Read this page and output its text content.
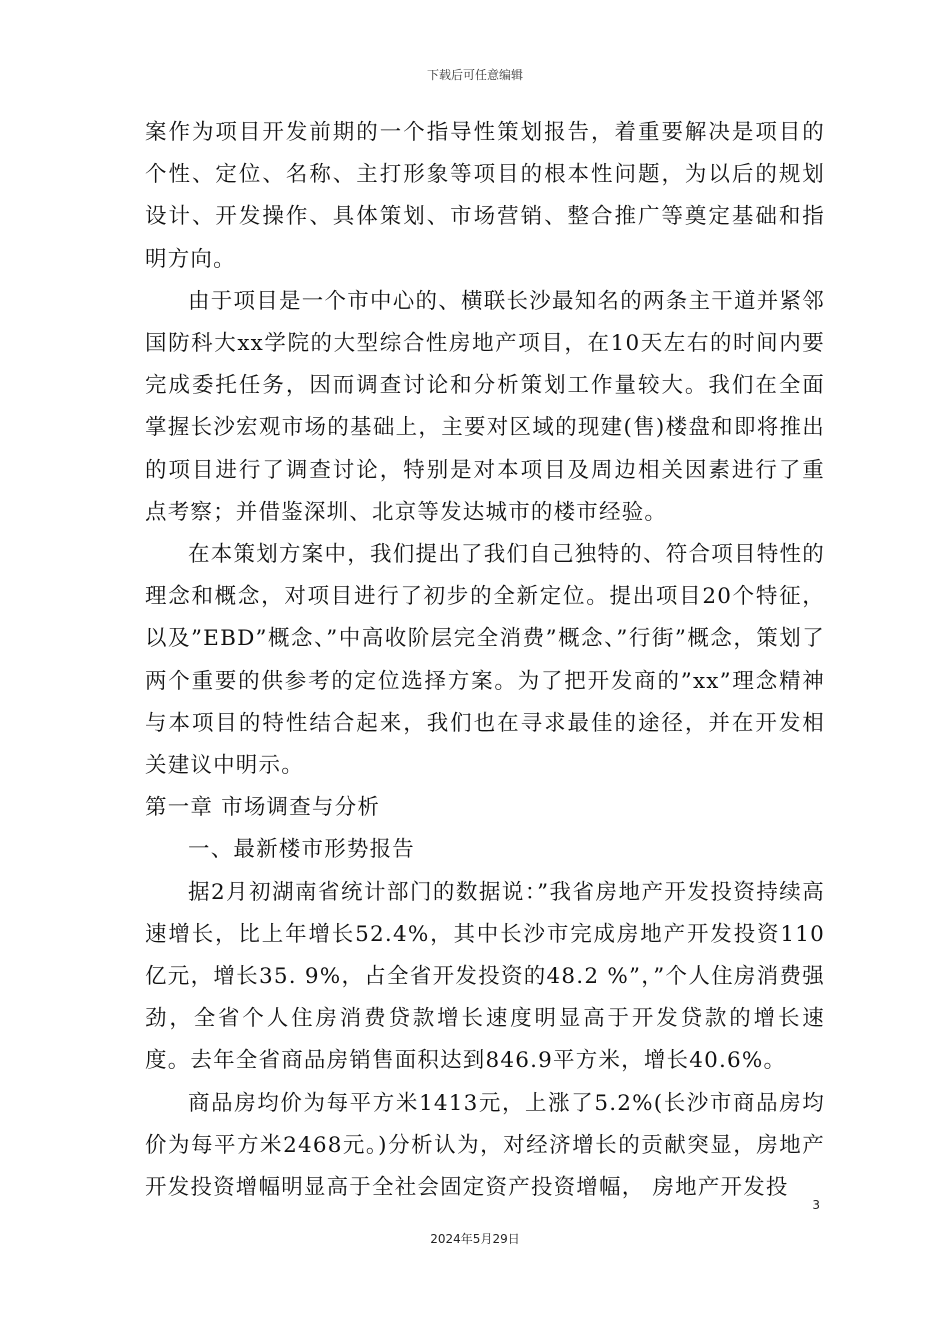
下载后可任意编辑

案作为项目开发前期的一个指导性策划报告，着重要解决是项目的个性、定位、名称、主打形象等项目的根本性问题，为以后的规划设计、开发操作、具体策划、市场营销、整合推广等奠定基础和指明方向。

由于项目是一个市中心的、横联长沙最知名的两条主干道并紧邻国防科大xx学院的大型综合性房地产项目，在10天左右的时间内要完成委托任务，因而调查讨论和分析策划工作量较大。我们在全面掌握长沙宏观市场的基础上，主要对区域的现建(售)楼盘和即将推出的项目进行了调查讨论，特别是对本项目及周边相关因素进行了重点考察；并借鉴深圳、北京等发达城市的楼市经验。

在本策划方案中，我们提出了我们自己独特的、符合项目特性的理念和概念，对项目进行了初步的全新定位。提出项目20个特征，以及”EBD”概念、”中高收阶层完全消费”概念、”行街”概念，策划了两个重要的供参考的定位选择方案。为了把开发商的”xx”理念精神与本项目的特性结合起来，我们也在寻求最佳的途径，并在开发相关建议中明示。

第一章 市场调查与分析

一、最新楼市形势报告

据2月初湖南省统计部门的数据说：”我省房地产开发投资持续高速增长，比上年增长52.4%，其中长沙市完成房地产开发投资110亿元，增长35. 9%，占全省开发投资的48.2 %”，”个人住房消费强劲，全省个人住房消费贷款增长速度明显高于开发贷款的增长速度。去年全省商品房销售面积达到846.9平方米，增长40.6%。

商品房均价为每平方米1413元，上涨了5.2%(长沙市商品房均价为每平方米2468元。)分析认为，对经济增长的贡献突显，房地产开发投资增幅明显高于全社会固定资产投资增幅， 房地产开发投

3
2024年5月29日
